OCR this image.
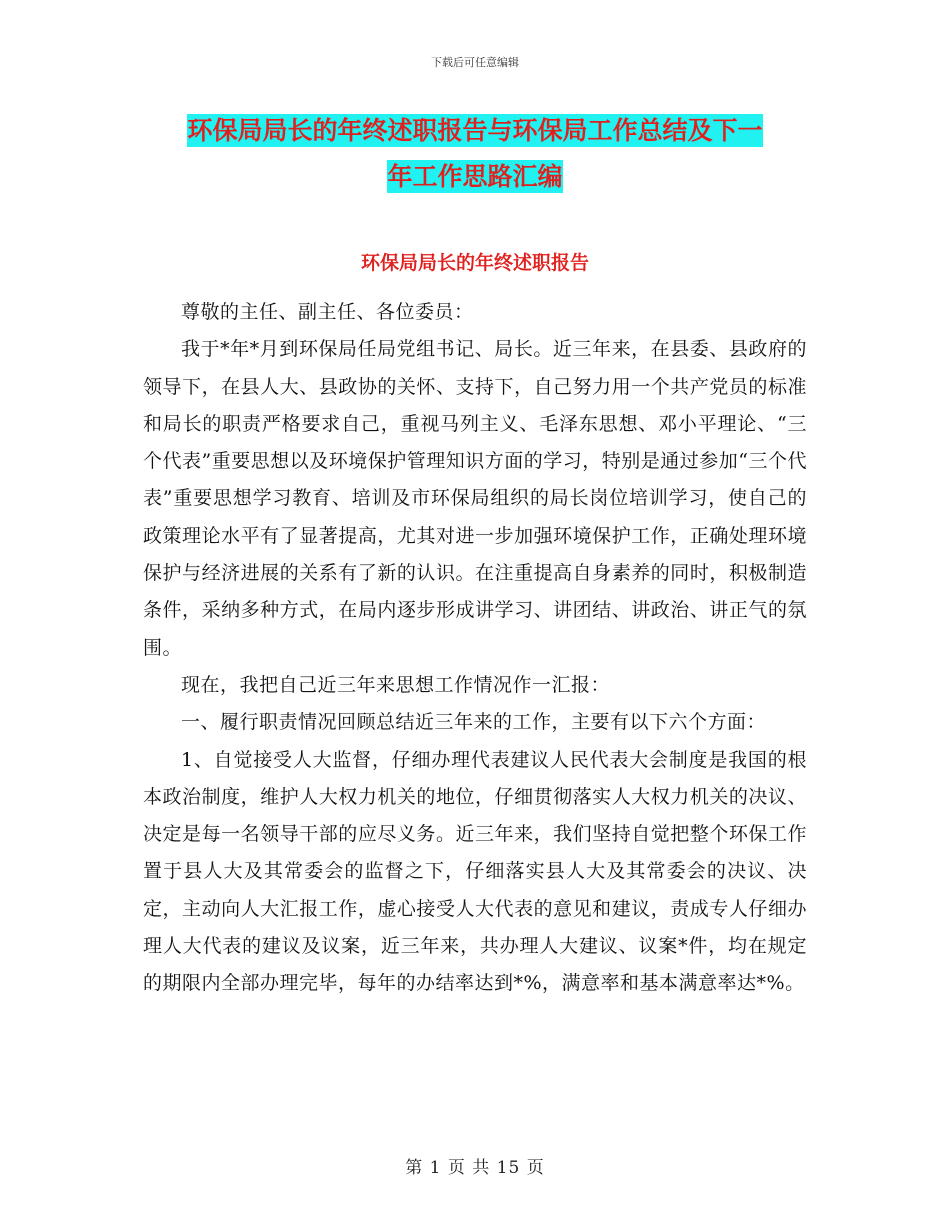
下载后可任意编辑
环保局局长的年终述职报告与环保局工作总结及下一
年工作思路汇编
环保局局长的年终述职报告

尊敬的主任、副主任、各位委员：

我于*年*月到环保局任局党组书记、局长。近三年来，在县委、县政府的领导下，在县人大、县政协的关怀、支持下，自己努力用一个共产党员的标准和局长的职责严格要求自己，重视马列主义、毛泽东思想、邓小平理论、“三个代表”重要思想以及环境保护管理知识方面的学习，特别是通过参加“三个代表”重要思想学习教育、培训及市环保局组织的局长岗位培训学习，使自己的政策理论水平有了显著提高，尤其对进一步加强环境保护工作，正确处理环境保护与经济进展的关系有了新的认识。在注重提高自身素养的同时，积极制造条件，采纳多种方式，在局内逐步形成讲学习、讲团结、讲政治、讲正气的氛围。

现在，我把自己近三年来思想工作情况作一汇报：

一、履行职责情况回顾总结近三年来的工作，主要有以下六个方面：

1、自觉接受人大监督，仔细办理代表建议人民代表大会制度是我国的根本政治制度，维护人大权力机关的地位，仔细贯彻落实人大权力机关的决议、决定是每一名领导干部的应尽义务。近三年来，我们坚持自觉把整个环保工作置于县人大及其常委会的监督之下，仔细落实县人大及其常委会的决议、决定，主动向人大汇报工作，虚心接受人大代表的意见和建议，责成专人仔细办理人大代表的建议及议案，近三年来，共办理人大建议、议案*件，均在规定的期限内全部办理完毕，每年的办结率达到*%，满意率和基本满意率达*%。

第 1 页 共 15 页
